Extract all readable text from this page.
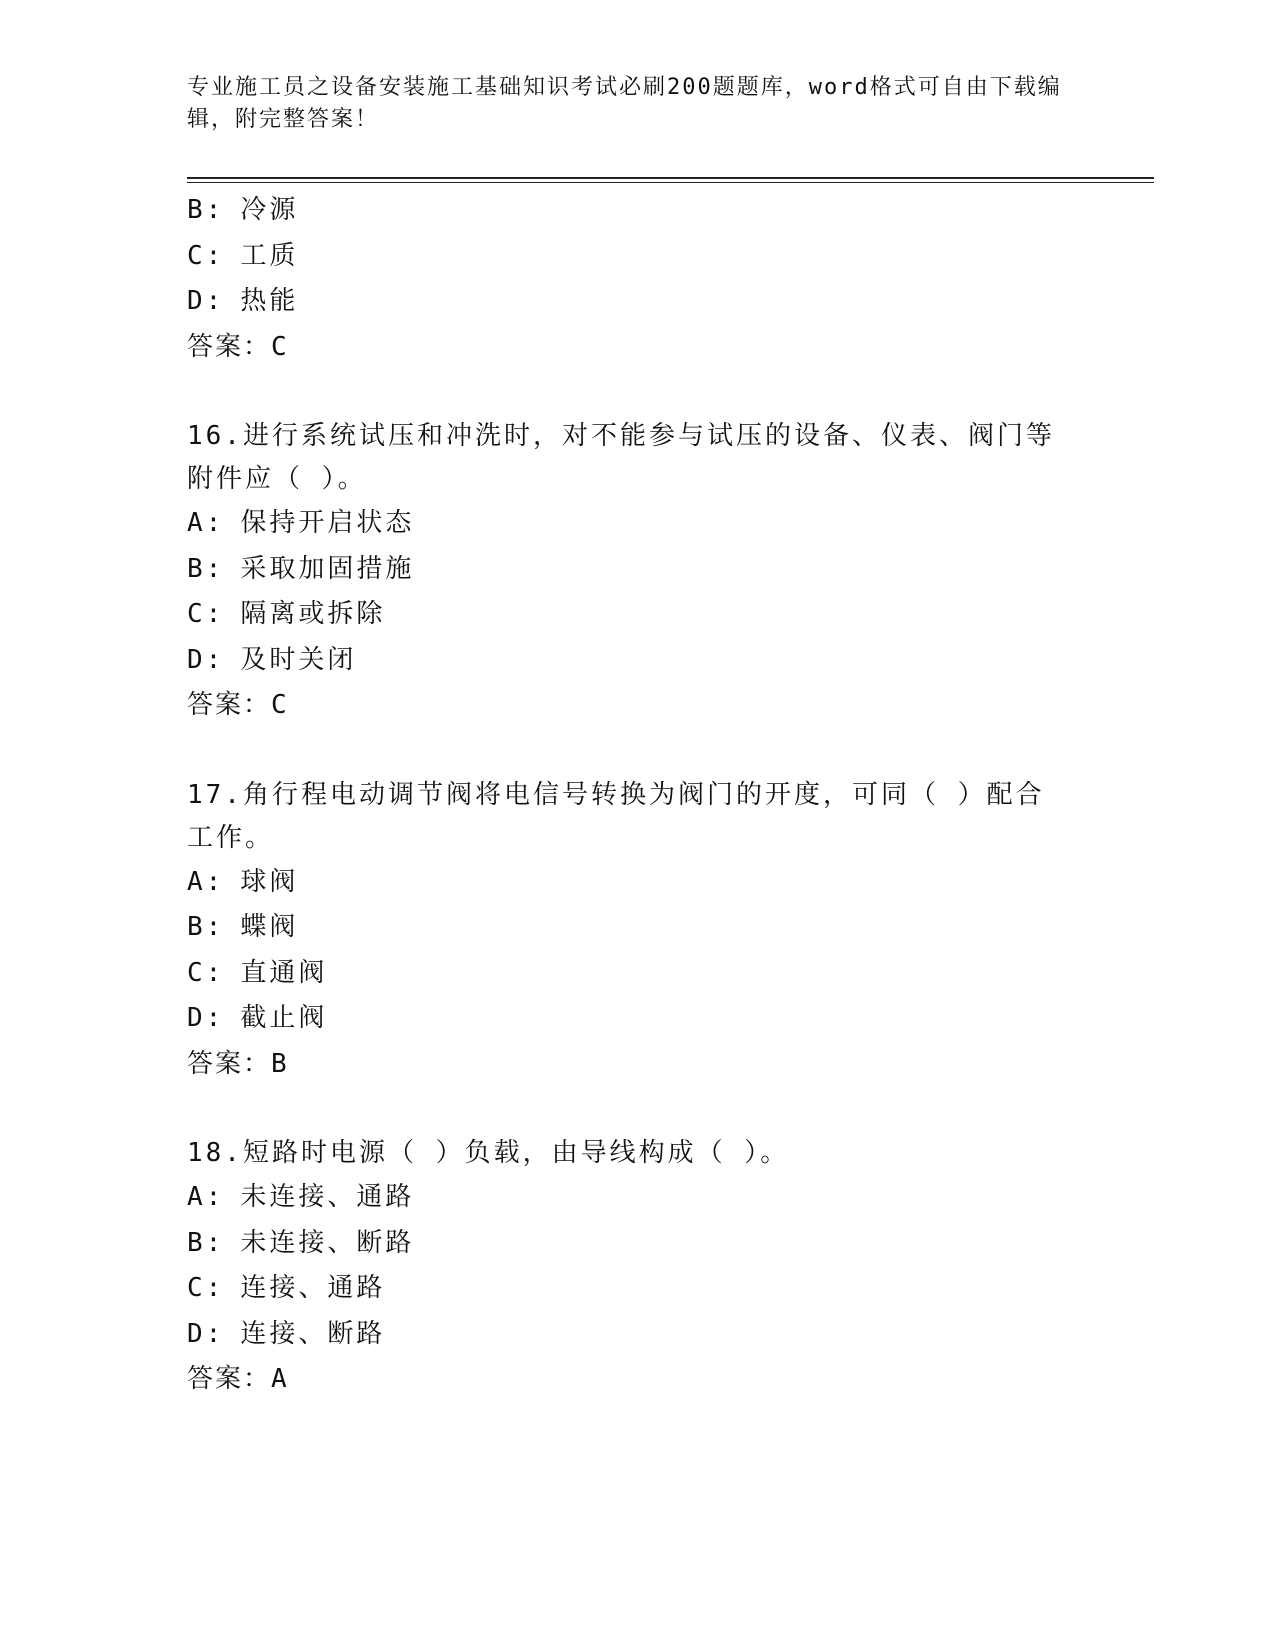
专业施工员之设备安装施工基础知识考试必刷200题题库，word格式可自由下载编辑，附完整答案！
B: 冷源
C: 工质
D: 热能
答案：C
16.进行系统试压和冲洗时，对不能参与试压的设备、仪表、阀门等附件应（ ）。
A: 保持开启状态
B: 采取加固措施
C: 隔离或拆除
D: 及时关闭
答案：C
17.角行程电动调节阀将电信号转换为阀门的开度，可同（ ）配合工作。
A: 球阀
B: 蝶阀
C: 直通阀
D: 截止阀
答案：B
18.短路时电源（ ）负载，由导线构成（ ）。
A: 未连接、通路
B: 未连接、断路
C: 连接、通路
D: 连接、断路
答案：A
